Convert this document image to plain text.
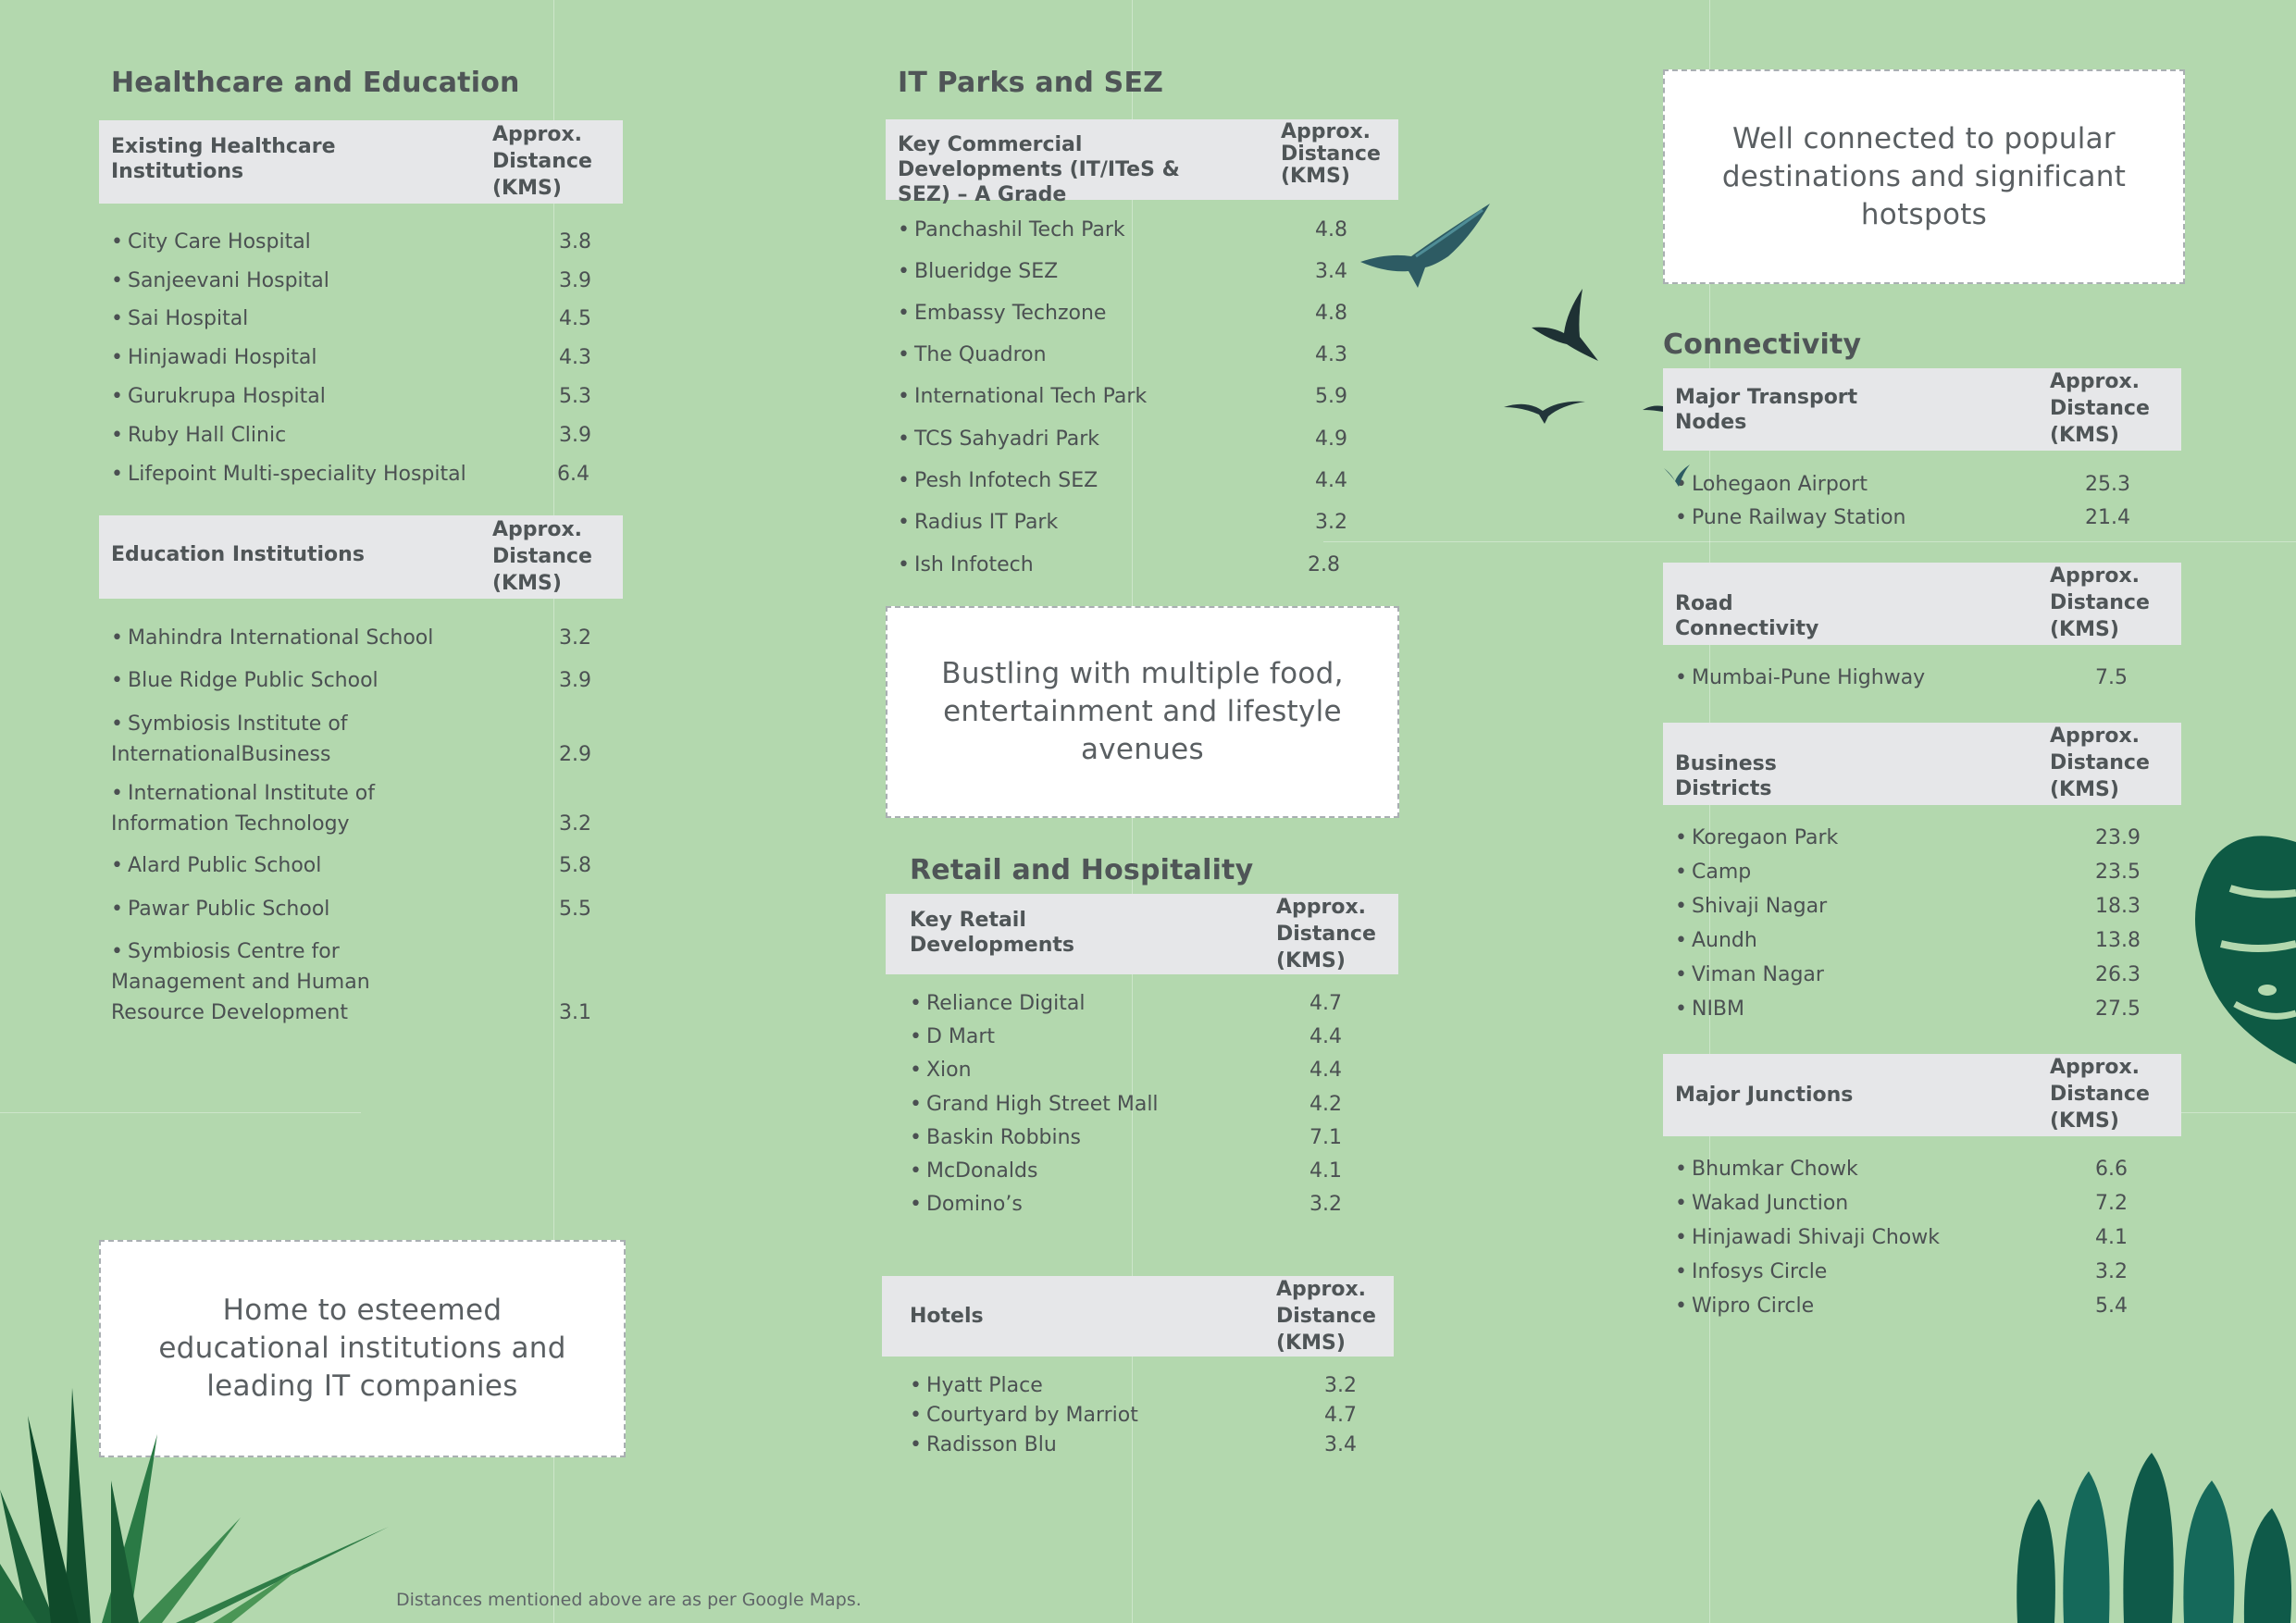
Healthcare and Education
Existing Healthcare Institutions
Approx. Distance (KMS)
• City Care Hospital	3.8
• Sanjeevani Hospital	3.9
• Sai Hospital	4.5
• Hinjawadi Hospital	4.3
• Gurukrupa Hospital	5.3
• Ruby Hall Clinic	3.9
• Lifepoint Multi-speciality Hospital	6.4
Education Institutions
Approx. Distance (KMS)
• Mahindra International School	3.2
• Blue Ridge Public School	3.9
• Symbiosis Institute of InternationalBusiness	2.9
• International Institute of Information Technology	3.2
• Alard Public School	5.8
• Pawar Public School	5.5
• Symbiosis Centre for Management and Human Resource Development	3.1
Home to esteemed educational institutions and leading IT companies
Distances mentioned above are as per Google Maps.
IT Parks and SEZ
Key Commercial Developments (IT/ITeS & SEZ) – A Grade
Approx. Distance (KMS)
• Panchashil Tech Park	4.8
• Blueridge SEZ	3.4
• Embassy Techzone	4.8
• The Quadron	4.3
• International Tech Park	5.9
• TCS Sahyadri Park	4.9
• Pesh Infotech SEZ	4.4
• Radius IT Park	3.2
• Ish Infotech	2.8
Bustling with multiple food, entertainment and lifestyle avenues
Retail and Hospitality
Key Retail Developments
Approx. Distance (KMS)
• Reliance Digital	4.7
• D Mart	4.4
• Xion	4.4
• Grand High Street Mall	4.2
• Baskin Robbins	7.1
• McDonalds	4.1
• Domino’s	3.2
Hotels
Approx. Distance (KMS)
• Hyatt Place	3.2
• Courtyard by Marriot	4.7
• Radisson Blu	3.4
Well connected to popular destinations and significant hotspots
Connectivity
Major Transport Nodes
Approx. Distance (KMS)
• Lohegaon Airport	25.3
• Pune Railway Station	21.4
Road Connectivity
Approx. Distance (KMS)
• Mumbai-Pune Highway	7.5
Business Districts
Approx. Distance (KMS)
• Koregaon Park	23.9
• Camp	23.5
• Shivaji Nagar	18.3
• Aundh	13.8
• Viman Nagar	26.3
• NIBM	27.5
Major Junctions
Approx. Distance (KMS)
• Bhumkar Chowk	6.6
• Wakad Junction	7.2
• Hinjawadi Shivaji Chowk	4.1
• Infosys Circle	3.2
• Wipro Circle	5.4
